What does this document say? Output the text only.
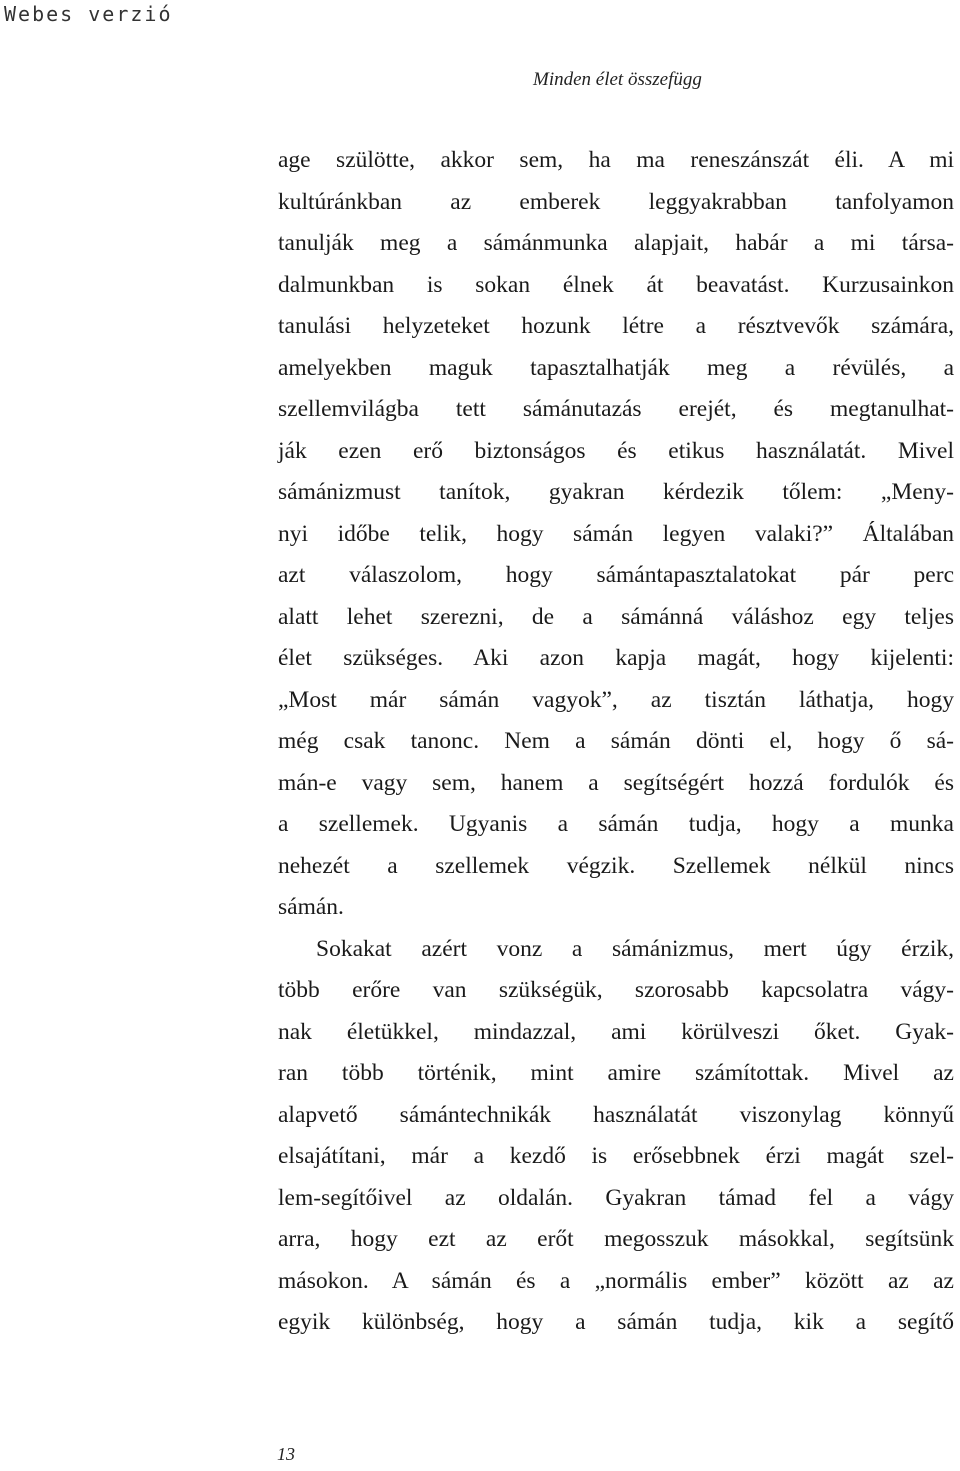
Webes verzió
Minden élet összefügg
age szülötte, akkor sem, ha ma reneszánszát éli. A mi
kultúránkban az emberek leggyakrabban tanfolyamon
tanulják meg a sámánmunka alapjait, habár a mi társa-
dalmunkban is sokan élnek át beavatást. Kurzusainkon
tanulási helyzeteket hozunk létre a résztvevők számára,
amelyekben maguk tapasztalhatják meg a révülés, a
szellemvilágba tett sámánutazás erejét, és megtanulhat-
ják ezen erő biztonságos és etikus használatát. Mivel
sámánizmust tanítok, gyakran kérdezik tőlem: „Meny-
nyi időbe telik, hogy sámán legyen valaki?” Általában
azt válaszolom, hogy sámántapasztalatokat pár perc
alatt lehet szerezni, de a sámánná váláshoz egy teljes
élet szükséges. Aki azon kapja magát, hogy kijelenti:
„Most már sámán vagyok”, az tisztán láthatja, hogy
még csak tanonc. Nem a sámán dönti el, hogy ő sá-
mán-e vagy sem, hanem a segítségért hozzá fordulók és
a szellemek. Ugyanis a sámán tudja, hogy a munka
nehezét a szellemek végzik. Szellemek nélkül nincs
sámán.
Sokakat azért vonz a sámánizmus, mert úgy érzik,
több erőre van szükségük, szorosabb kapcsolatra vágy-
nak életükkel, mindazzal, ami körülveszi őket. Gyak-
ran több történik, mint amire számítottak. Mivel az
alapvető sámántechnikák használatát viszonylag könnyű
elsajátítani, már a kezdő is erősebbnek érzi magát szel-
lem-segítőivel az oldalán. Gyakran támad fel a vágy
arra, hogy ezt az erőt megosszuk másokkal, segítsünk
másokon. A sámán és a „normális ember” között az az
egyik különbség, hogy a sámán tudja, kik a segítő
13
